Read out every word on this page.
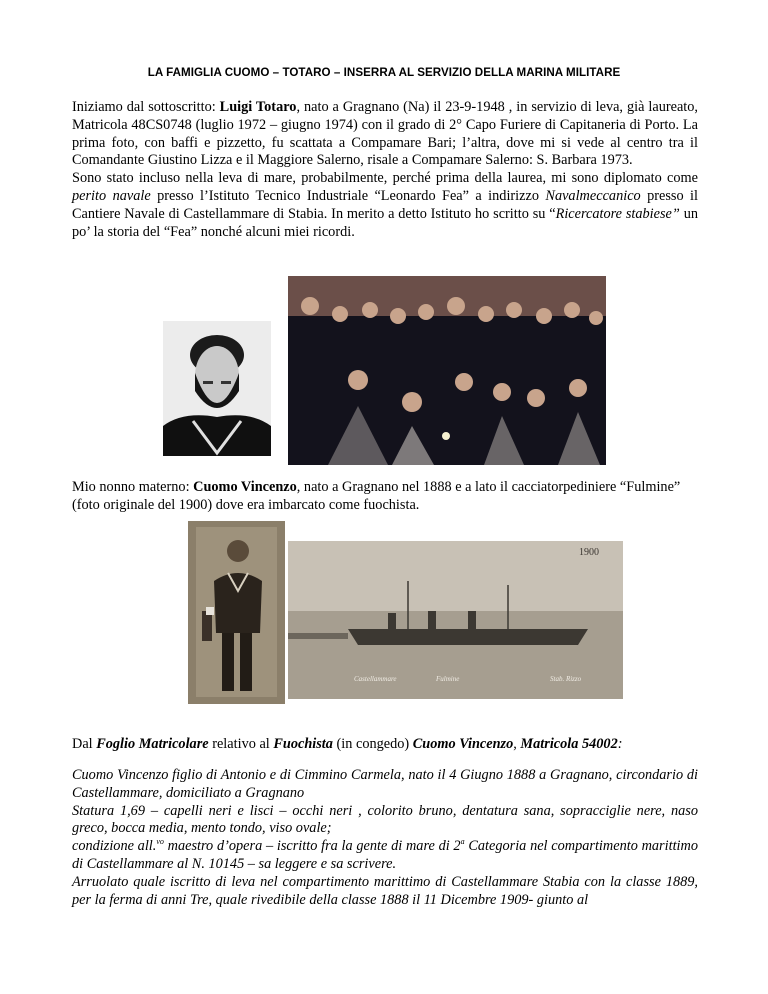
LA FAMIGLIA CUOMO – TOTARO – INSERRA AL SERVIZIO DELLA MARINA MILITARE
Iniziamo dal sottoscritto: Luigi Totaro, nato a Gragnano (Na) il 23-9-1948 , in servizio di leva, già laureato, Matricola 48CS0748 (luglio 1972 – giugno 1974) con il grado di 2° Capo Furiere di Capitaneria di Porto. La prima foto, con baffi e pizzetto, fu scattata a Compamare Bari; l’altra, dove mi si vede al centro tra il Comandante Giustino Lizza e il Maggiore Salerno, risale a Compamare Salerno: S. Barbara 1973.
Sono stato incluso nella leva di mare, probabilmente, perché prima della laurea, mi sono diplomato come perito navale presso l’Istituto Tecnico Industriale “Leonardo Fea” a indirizzo Navalmeccanico presso il Cantiere Navale di Castellammare di Stabia. In merito a detto Istituto ho scritto su “Ricercatore stabiese” un po’ la storia del “Fea” nonché alcuni miei ricordi.
Mio nonno materno: Cuomo Vincenzo, nato a Gragnano nel 1888 e a lato il cacciatorpediniere “Fulmine” (foto originale del 1900) dove era imbarcato come fuochista.
1900
Castellammare	Fulmine	Stab. Rizzo
Dal Foglio Matricolare relativo al Fuochista (in congedo) Cuomo Vincenzo, Matricola 54002:
Cuomo Vincenzo figlio di Antonio e di Cimmino Carmela, nato il 4 Giugno 1888 a Gragnano, circondario di Castellammare, domiciliato a Gragnano
Statura 1,69 – capelli neri e lisci – occhi neri , colorito bruno, dentatura sana, sopracciglie nere, naso greco, bocca media, mento tondo, viso ovale;
condizione all.$^{vo}$ maestro d’opera – iscritto fra la gente di mare di 2$^a$ Categoria nel compartimento marittimo di Castellammare al N. 10145 – sa leggere e sa scrivere.
Arruolato quale iscritto di leva nel compartimento marittimo di Castellammare Stabia con la classe 1889, per la ferma di anni Tre, quale rivedibile della classe 1888 il 11 Dicembre 1909- giunto al
